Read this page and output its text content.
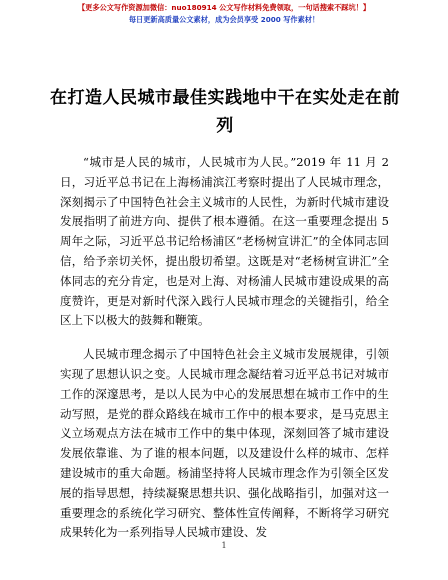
【更多公文写作资源加微信：nuo180914 公文写作材料免费领取，一句话搜索不踩坑！】
每日更新高质量公文素材，成为会员享受 2000 写作素材！
在打造人民城市最佳实践地中干在实处走在前列

“城市是人民的城市，人民城市为人民。”2019 年 11 月 2 日，习近平总书记在上海杨浦滨江考察时提出了人民城市理念，深刻揭示了中国特色社会主义城市的人民性，为新时代城市建设发展指明了前进方向、提供了根本遵循。在这一重要理念提出 5 周年之际，习近平总书记给杨浦区“老杨树宣讲汇”的全体同志回信，给予亲切关怀，提出殷切希望。这既是对“老杨树宣讲汇”全体同志的充分肯定，也是对上海、对杨浦人民城市建设成果的高度赞许，更是对新时代深入践行人民城市理念的关键指引，给全区上下以极大的鼓舞和鞭策。

人民城市理念揭示了中国特色社会主义城市发展规律，引领实现了思想认识之变。人民城市理念凝结着习近平总书记对城市工作的深邃思考，是以人民为中心的发展思想在城市工作中的生动写照，是党的群众路线在城市工作中的根本要求，是马克思主义立场观点方法在城市工作中的集中体现，深刻回答了城市建设发展依靠谁、为了谁的根本问题，以及建设什么样的城市、怎样建设城市的重大命题。杨浦坚持将人民城市理念作为引领全区发展的指导思想，持续凝聚思想共识、强化战略指引，加强对这一重要理念的系统化学习研究、整体性宣传阐释，不断将学习研究成果转化为一系列指导人民城市建设、发

1
